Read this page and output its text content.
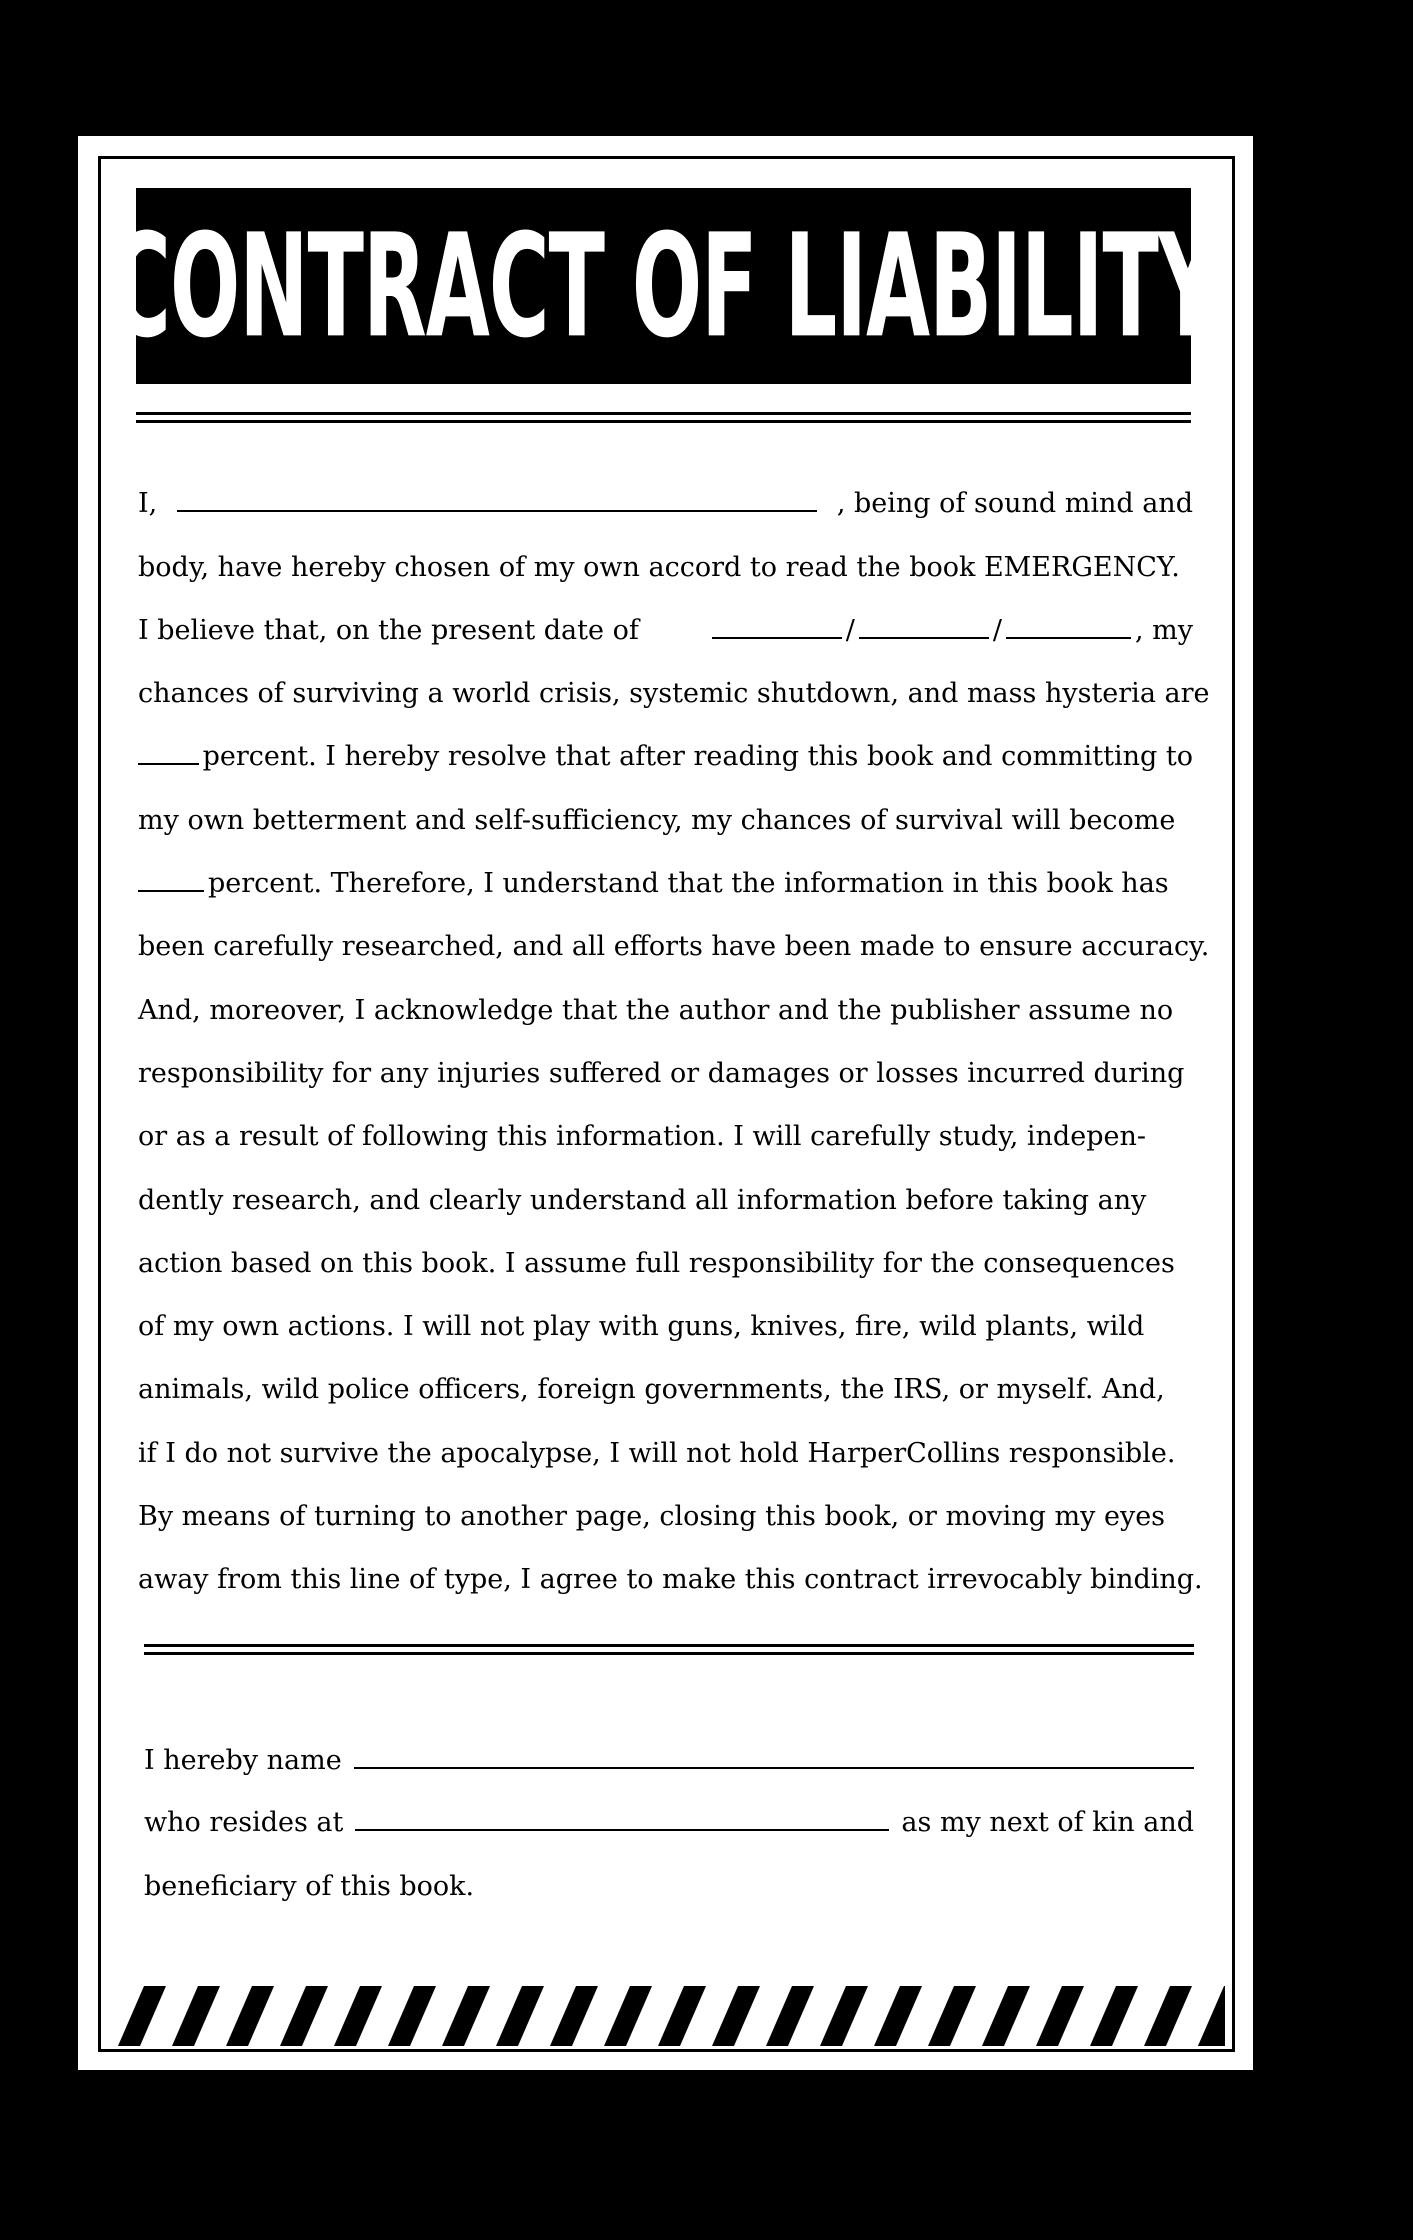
CONTRACT OF LIABILITY
I,	, being of sound mind and
body, have hereby chosen of my own accord to read the book EMERGENCY.
I believe that, on the present date of	/	/	, my
chances of surviving a world crisis, systemic shutdown, and mass hysteria are
percent. I hereby resolve that after reading this book and committing to
my own betterment and self-sufficiency, my chances of survival will become
percent. Therefore, I understand that the information in this book has
been carefully researched, and all efforts have been made to ensure accuracy.
And, moreover, I acknowledge that the author and the publisher assume no
responsibility for any injuries suffered or damages or losses incurred during
or as a result of following this information. I will carefully study, indepen-
dently research, and clearly understand all information before taking any
action based on this book. I assume full responsibility for the consequences
of my own actions. I will not play with guns, knives, fire, wild plants, wild
animals, wild police officers, foreign governments, the IRS, or myself. And,
if I do not survive the apocalypse, I will not hold HarperCollins responsible.
By means of turning to another page, closing this book, or moving my eyes
away from this line of type, I agree to make this contract irrevocably binding.
I hereby name
who resides at	as my next of kin and
beneficiary of this book.
